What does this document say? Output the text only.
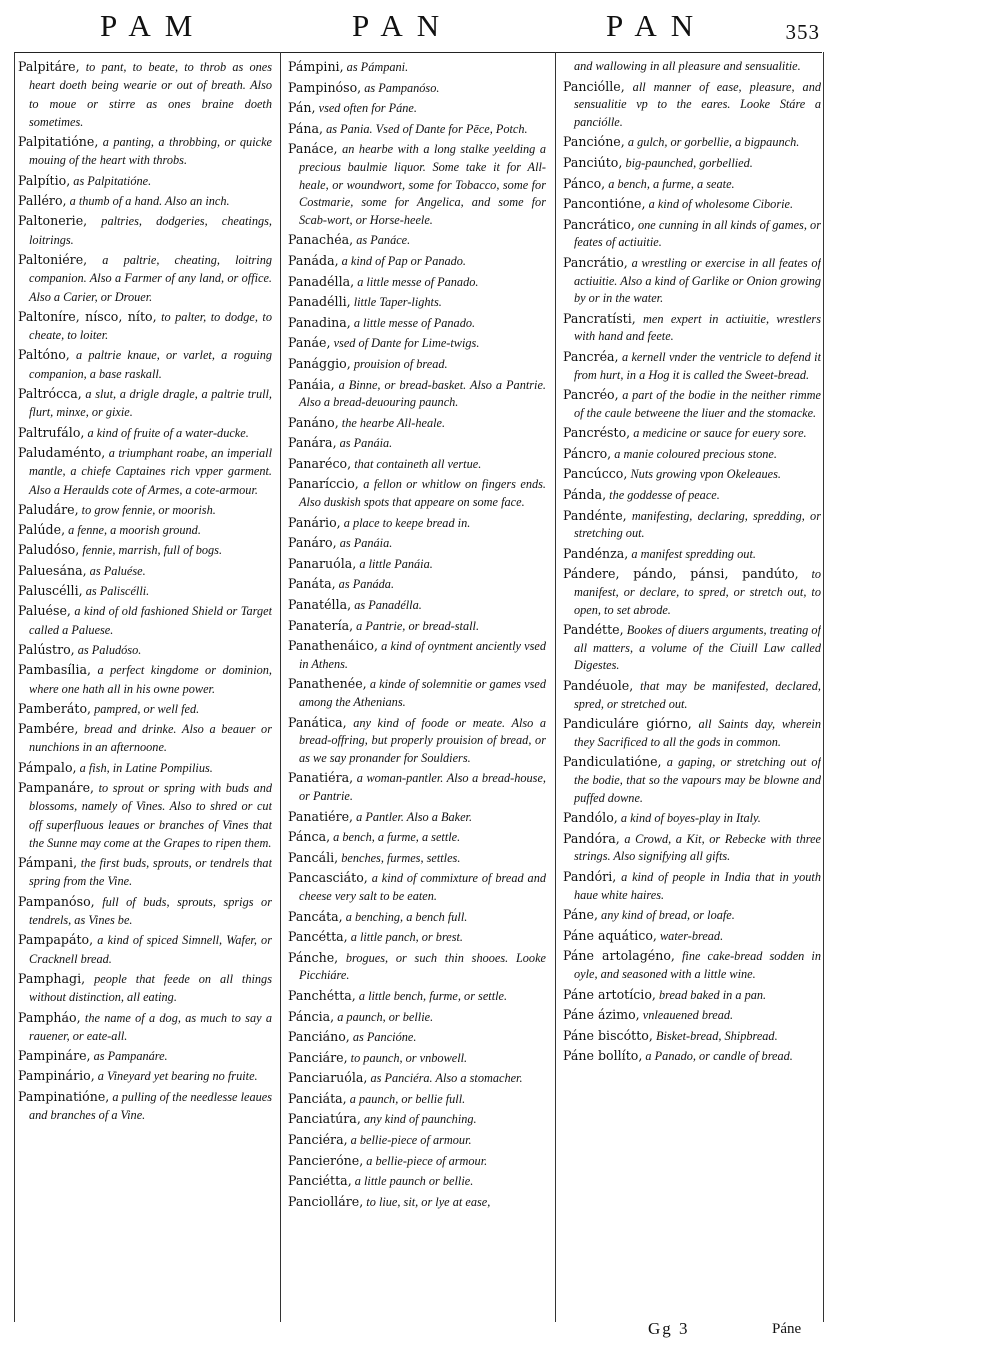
PAM	PAN	PAN	353
Palpitáre, to pant, to beate, to throb as ones heart doeth being wearie or out of breath. Also to moue or stirre as ones braine doeth sometimes.
Palpitatióne, a panting, a throbbing, or quicke mouing of the heart with throbs.
Palpítio, as Palpitatióne.
Palléro, a thumb of a hand. Also an inch.
Paltonerie, paltries, dodgeries, cheatings, loitrings.
Paltoniére, a paltrie, cheating, loitring companion. Also a Farmer of any land, or office. Also a Carier, or Drouer.
Paltoníre, nísco, níto, to palter, to dodge, to cheate, to loiter.
Paltóno, a paltrie knaue, or varlet, a roguing companion, a base raskall.
Paltrócca, a slut, a drigle dragle, a paltrie trull, flurt, minxe, or gixie.
Paltrufálo, a kind of fruite of a water-ducke.
Paludaménto, a triumphant roabe, an imperiall mantle, a chiefe Captaines rich vpper garment. Also a Heraulds cote of Armes, a cote-armour.
Paludáre, to grow fennie, or moorish.
Palúde, a fenne, a moorish ground.
Paludóso, fennie, marrish, full of bogs.
Paluesána, as Paluése.
Paluscélli, as Paliscélli.
Paluése, a kind of old fashioned Shield or Target called a Paluese.
Palústro, as Paludóso.
Pambasília, a perfect kingdome or dominion, where one hath all in his owne power.
Pamberáto, pampred, or well fed.
Pambére, bread and drinke. Also a beauer or nunchions in an afternoone.
Pámpalo, a fish, in Latine Pompilius.
Pampanáre, to sprout or spring with buds and blossoms, namely of Vines. Also to shred or cut off superfluous leaues or branches of Vines that the Sunne may come at the Grapes to ripen them.
Pámpani, the first buds, sprouts, or tendrels that spring from the Vine.
Pampanóso, full of buds, sprouts, sprigs or tendrels, as Vines be.
Pampapáto, a kind of spiced Simnell, Wafer, or Cracknell bread.
Pamphagi, people that feede on all things without distinction, all eating.
Pampháo, the name of a dog, as much to say a rauener, or eate-all.
Pampináre, as Pampanáre.
Pampinário, a Vineyard yet bearing no fruite.
Pampinatióne, a pulling of the needlesse leaues and branches of a Vine.
Pámpini, as Pámpani.
Pampinóso, as Pampanóso.
Pán, vsed often for Páne.
Pána, as Pania. Vsed of Dante for Pēce, Potch.
Panáce, an hearbe with a long stalke yeelding a precious baulmie liquor. Some take it for All-heale, or woundwort, some for Tobacco, some for Costmarie, some for Angelica, and some for Scab-wort, or Horse-heele.
Panachéa, as Panáce.
Panáda, a kind of Pap or Panado.
Panadélla, a little messe of Panado.
Panadélli, little Taper-lights.
Panadina, a little messe of Panado.
Panáe, vsed of Dante for Lime-twigs.
Panággio, prouision of bread.
Panáia, a Binne, or bread-basket. Also a Pantrie. Also a bread-deuouring paunch.
Panáno, the hearbe All-heale.
Panára, as Panáia.
Panaréco, that containeth all vertue.
Panaríccio, a fellon or whitlow on fingers ends. Also duskish spots that appeare on some face.
Panário, a place to keepe bread in.
Panáro, as Panáia.
Panaruóla, a little Panáia.
Panáta, as Panáda.
Panatélla, as Panadélla.
Panatería, a Pantrie, or bread-stall.
Panathenáico, a kind of oyntment anciently vsed in Athens.
Panathenée, a kinde of solemnitie or games vsed among the Athenians.
Panática, any kind of foode or meate. Also a bread-offring, but properly prouision of bread, or as we say pronander for Souldiers.
Panatiéra, a woman-pantler. Also a bread-house, or Pantrie.
Panatiére, a Pantler. Also a Baker.
Pánca, a bench, a furme, a settle.
Pancáli, benches, furmes, settles.
Pancasciáto, a kind of commixture of bread and cheese very salt to be eaten.
Pancáta, a benching, a bench full.
Pancétta, a little panch, or brest.
Pánche, brogues, or such thin shooes. Looke Picchiáre.
Panchétta, a little bench, furme, or settle.
Páncia, a paunch, or bellie.
Panciáno, as Pancióne.
Panciáre, to paunch, or vnbowell.
Panciaruóla, as Panciéra. Also a stomacher.
Panciáta, a paunch, or bellie full.
Panciatúra, any kind of paunching.
Panciéra, a bellie-piece of armour.
Pancieróne, a bellie-piece of armour.
Panciétta, a little paunch or bellie.
Panciolláre, to liue, sit, or lye at ease,
and wallowing in all pleasure and sensualitie.
Panciólle, all manner of ease, pleasure, and sensualitie vp to the eares. Looke Stáre a panciólle.
Pancióne, a gulch, or gorbellie, a bigpaunch.
Panciúto, big-paunched, gorbellied.
Pánco, a bench, a furme, a seate.
Pancontióne, a kind of wholesome Ciborie.
Pancrático, one cunning in all kinds of games, or feates of actiuitie.
Pancrátio, a wrestling or exercise in all feates of actiuitie. Also a kind of Garlike or Onion growing by or in the water.
Pancratísti, men expert in actiuitie, wrestlers with hand and feete.
Pancréa, a kernell vnder the ventricle to defend it from hurt, in a Hog it is called the Sweet-bread.
Pancréo, a part of the bodie in the neither rimme of the caule betweene the liuer and the stomacke.
Pancrésto, a medicine or sauce for euery sore.
Páncro, a manie coloured precious stone.
Pancúcco, Nuts growing vpon Okeleaues.
Pánda, the goddesse of peace.
Pandénte, manifesting, declaring, spredding, or stretching out.
Pandénza, a manifest spredding out.
Pándere, pándo, pánsi, pandúto, to manifest, or declare, to spred, or stretch out, to open, to set abrode.
Pandétte, Bookes of diuers arguments, treating of all matters, a volume of the Ciuill Law called Digestes.
Pandéuole, that may be manifested, declared, spred, or stretched out.
Pandiculáre giórno, all Saints day, wherein they Sacrificed to all the gods in common.
Pandiculatióne, a gaping, or stretching out of the bodie, that so the vapours may be blowne and puffed downe.
Pandólo, a kind of boyes-play in Italy.
Pandóra, a Crowd, a Kit, or Rebecke with three strings. Also signifying all gifts.
Pandóri, a kind of people in India that in youth haue white haires.
Páne, any kind of bread, or loafe.
Páne aquático, water-bread.
Páne artolagéno, fine cake-bread sodden in oyle, and seasoned with a little wine.
Páne artotício, bread baked in a pan.
Páne ázimo, vnleauened bread.
Páne biscótto, Bisket-bread, Shipbread.
Páne bollíto, a Panado, or candle of bread.
Gg 3	Páne
